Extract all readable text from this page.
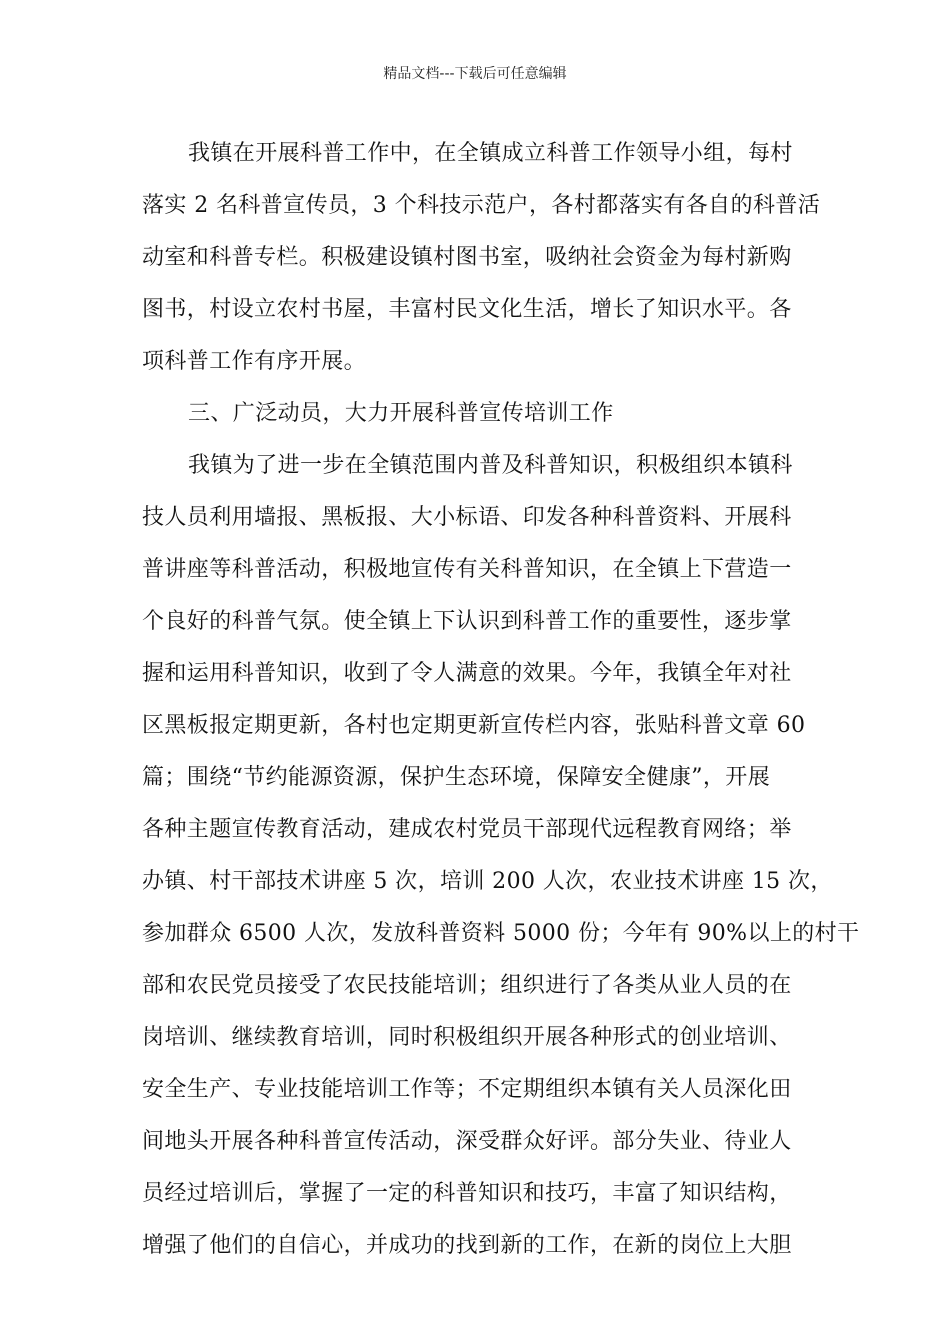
精品文档---下载后可任意编辑
我镇在开展科普工作中，在全镇成立科普工作领导小组，每村
落实 2 名科普宣传员，3 个科技示范户，各村都落实有各自的科普活
动室和科普专栏。积极建设镇村图书室，吸纳社会资金为每村新购
图书，村设立农村书屋，丰富村民文化生活，增长了知识水平。各
项科普工作有序开展。
三、广泛动员，大力开展科普宣传培训工作
我镇为了进一步在全镇范围内普及科普知识，积极组织本镇科
技人员利用墙报、黑板报、大小标语、印发各种科普资料、开展科
普讲座等科普活动，积极地宣传有关科普知识，在全镇上下营造一
个良好的科普气氛。使全镇上下认识到科普工作的重要性，逐步掌
握和运用科普知识，收到了令人满意的效果。今年，我镇全年对社
区黑板报定期更新，各村也定期更新宣传栏内容，张贴科普文章 60
篇；围绕“节约能源资源，保护生态环境，保障安全健康”，开展
各种主题宣传教育活动，建成农村党员干部现代远程教育网络；举
办镇、村干部技术讲座 5 次，培训 200 人次，农业技术讲座 15 次，
参加群众 6500 人次，发放科普资料 5000 份；今年有 90%以上的村干
部和农民党员接受了农民技能培训；组织进行了各类从业人员的在
岗培训、继续教育培训，同时积极组织开展各种形式的创业培训、
安全生产、专业技能培训工作等；不定期组织本镇有关人员深化田
间地头开展各种科普宣传活动，深受群众好评。部分失业、待业人
员经过培训后，掌握了一定的科普知识和技巧，丰富了知识结构，
增强了他们的自信心，并成功的找到新的工作，在新的岗位上大胆
